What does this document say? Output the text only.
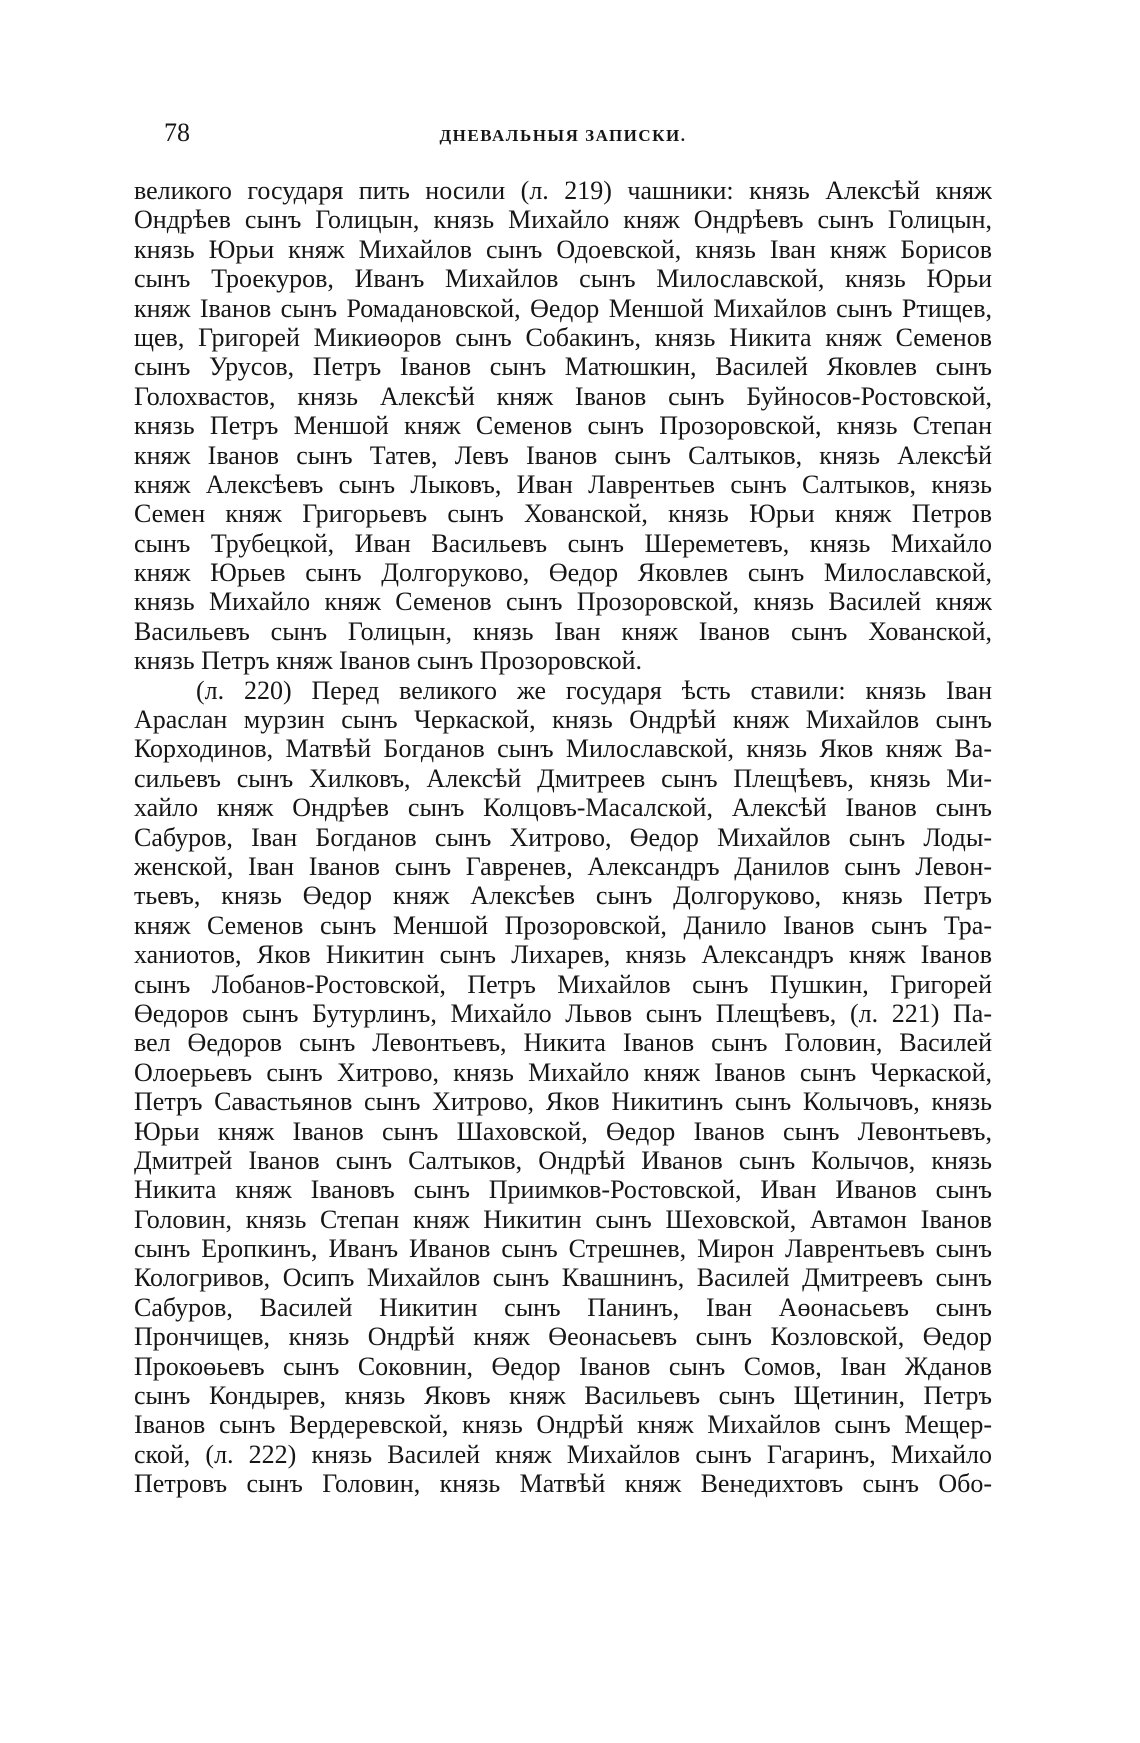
78	ДНЕВАЛЬНЫЯ ЗАПИСКИ.
великого государя пить носили (л. 219) чашники: князь Алексѣй княж
Ондрѣев сынъ Голицын, князь Михайло княж Ондрѣевъ сынъ Голицын,
князь Юрьи княж Михайлов сынъ Одоевской, князь Іван княж Борисов
сынъ Троекуров, Иванъ Михайлов сынъ Милославской, князь Юрьи
княж Іванов сынъ Ромадановской, Өедор Меншой Михайлов сынъ Ртищев,
щев, Григорей Микиөоров сынъ Собакинъ, князь Никита княж Семенов
сынъ Урусов, Петръ Іванов сынъ Матюшкин, Василей Яковлев сынъ
Голохвастов, князь Алексѣй княж Іванов сынъ Буйносов-Ростовской,
князь Петръ Меншой княж Семенов сынъ Прозоровской, князь Степан
княж Іванов сынъ Татев, Левъ Іванов сынъ Салтыков, князь Алексѣй
княж Алексѣевъ сынъ Лыковъ, Иван Лаврентьев сынъ Салтыков, князь
Семен княж Григорьевъ сынъ Хованской, князь Юрьи княж Петров
сынъ Трубецкой, Иван Васильевъ сынъ Шереметевъ, князь Михайло
княж Юрьев сынъ Долгоруково, Өедор Яковлев сынъ Милославской,
князь Михайло княж Семенов сынъ Прозоровской, князь Василей княж
Васильевъ сынъ Голицын, князь Іван княж Іванов сынъ Хованской,
князь Петръ княж Іванов сынъ Прозоровской.
(л. 220) Перед великого же государя ѣсть ставили: князь Іван
Араслан мурзин сынъ Черкаской, князь Ондрѣй княж Михайлов сынъ
Корходинов, Матвѣй Богданов сынъ Милославской, князь Яков княж Ва-
сильевъ сынъ Хилковъ, Алексѣй Дмитреев сынъ Плещѣевъ, князь Ми-
хайло княж Ондрѣев сынъ Колцовъ-Масалской, Алексѣй Іванов сынъ
Сабуров, Іван Богданов сынъ Хитрово, Өедор Михайлов сынъ Лоды-
женской, Іван Іванов сынъ Гавренев, Александръ Данилов сынъ Левон-
тьевъ, князь Өедор княж Алексѣев сынъ Долгоруково, князь Петръ
княж Семенов сынъ Меншой Прозоровской, Данило Іванов сынъ Тра-
ханиотов, Яков Никитин сынъ Лихарев, князь Александръ княж Іванов
сынъ Лобанов-Ростовской, Петръ Михайлов сынъ Пушкин, Григорей
Өедоров сынъ Бутурлинъ, Михайло Львов сынъ Плещѣевъ, (л. 221) Па-
вел Өедоров сынъ Левонтьевъ, Никита Іванов сынъ Головин, Василей
Олоерьевъ сынъ Хитрово, князь Михайло княж Іванов сынъ Черкаской,
Петръ Савастьянов сынъ Хитрово, Яков Никитинъ сынъ Колычовъ, князь
Юрьи княж Іванов сынъ Шаховской, Өедор Іванов сынъ Левонтьевъ,
Дмитрей Іванов сынъ Салтыков, Ондрѣй Иванов сынъ Колычов, князь
Никита княж Івановъ сынъ Приимков-Ростовской, Иван Иванов сынъ
Головин, князь Степан княж Никитин сынъ Шеховской, Автамон Іванов
сынъ Еропкинъ, Иванъ Иванов сынъ Стрешнев, Мирон Лаврентьевъ сынъ
Кологривов, Осипъ Михайлов сынъ Квашнинъ, Василей Дмитреевъ сынъ
Сабуров, Василей Никитин сынъ Панинъ, Іван Аөонасьевъ сынъ
Прончищев, князь Ондрѣй княж Өеонасьевъ сынъ Козловской, Өедор
Прокоөьевъ сынъ Соковнин, Өедор Іванов сынъ Сомов, Іван Жданов
сынъ Кондырев, князь Яковъ княж Васильевъ сынъ Щетинин, Петръ
Іванов сынъ Вердеревской, князь Ондрѣй княж Михайлов сынъ Мещер-
ской, (л. 222) князь Василей княж Михайлов сынъ Гагаринъ, Михайло
Петровъ сынъ Головин, князь Матвѣй княж Венедихтовъ сынъ Обо-
